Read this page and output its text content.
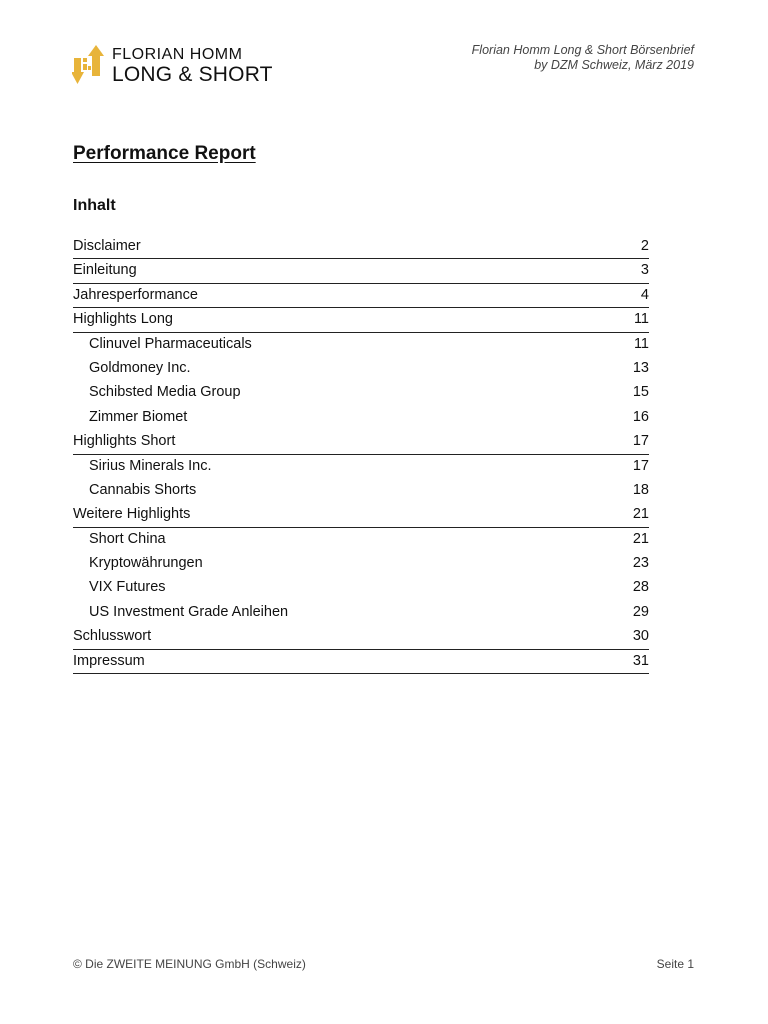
FLORIAN HOMM
LONG & SHORT
Florian Homm Long & Short Börsenbrief
by DZM Schweiz, März 2019
Performance Report
Inhalt
Disclaimer	2
Einleitung	3
Jahresperformance	4
Highlights Long	11
Clinuvel Pharmaceuticals	11
Goldmoney Inc.	13
Schibsted Media Group	15
Zimmer Biomet	16
Highlights Short	17
Sirius Minerals Inc.	17
Cannabis Shorts	18
Weitere Highlights	21
Short China	21
Kryptowährungen	23
VIX Futures	28
US Investment Grade Anleihen	29
Schlusswort	30
Impressum	31
© Die ZWEITE MEINUNG GmbH (Schweiz)	Seite 1
